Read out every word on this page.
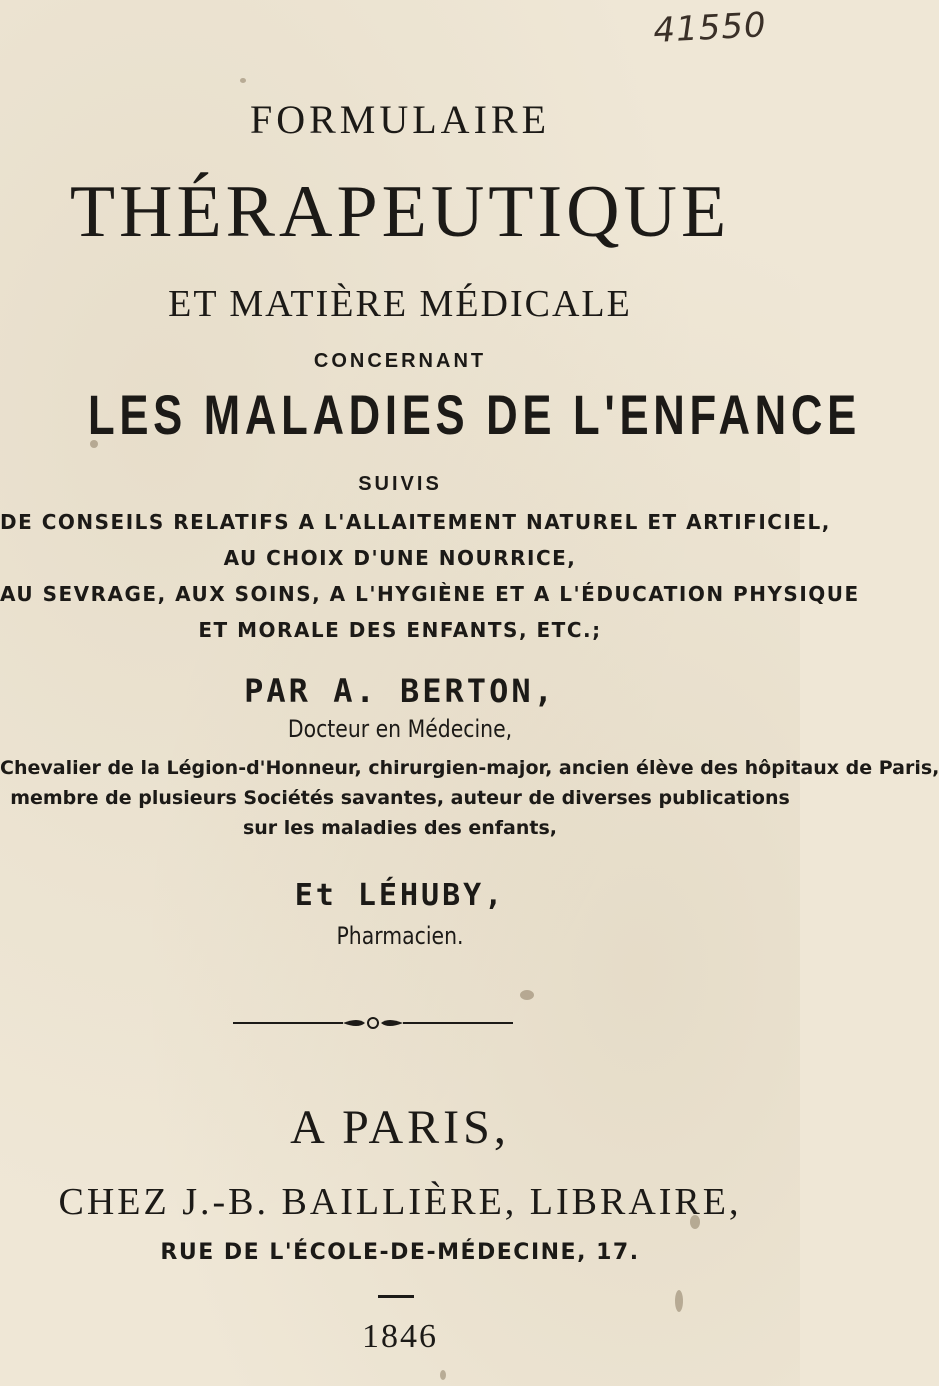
41550
FORMULAIRE
THÉRAPEUTIQUE
ET MATIÈRE MÉDICALE
CONCERNANT
LES MALADIES DE L'ENFANCE
SUIVIS
DE CONSEILS RELATIFS A L'ALLAITEMENT NATUREL ET ARTIFICIEL,
AU CHOIX D'UNE NOURRICE,
AU SEVRAGE, AUX SOINS, A L'HYGIÈNE ET A L'ÉDUCATION PHYSIQUE
ET MORALE DES ENFANTS, ETC.;
PAR A. BERTON,
Docteur en Médecine,
Chevalier de la Légion-d'Honneur, chirurgien-major, ancien élève des hôpitaux de Paris,
membre de plusieurs Sociétés savantes, auteur de diverses publications
sur les maladies des enfants,
Et LÉHUBY,
Pharmacien.
A PARIS,
CHEZ J.-B. BAILLIÈRE, LIBRAIRE,
RUE DE L'ÉCOLE-DE-MÉDECINE, 17.
1846
